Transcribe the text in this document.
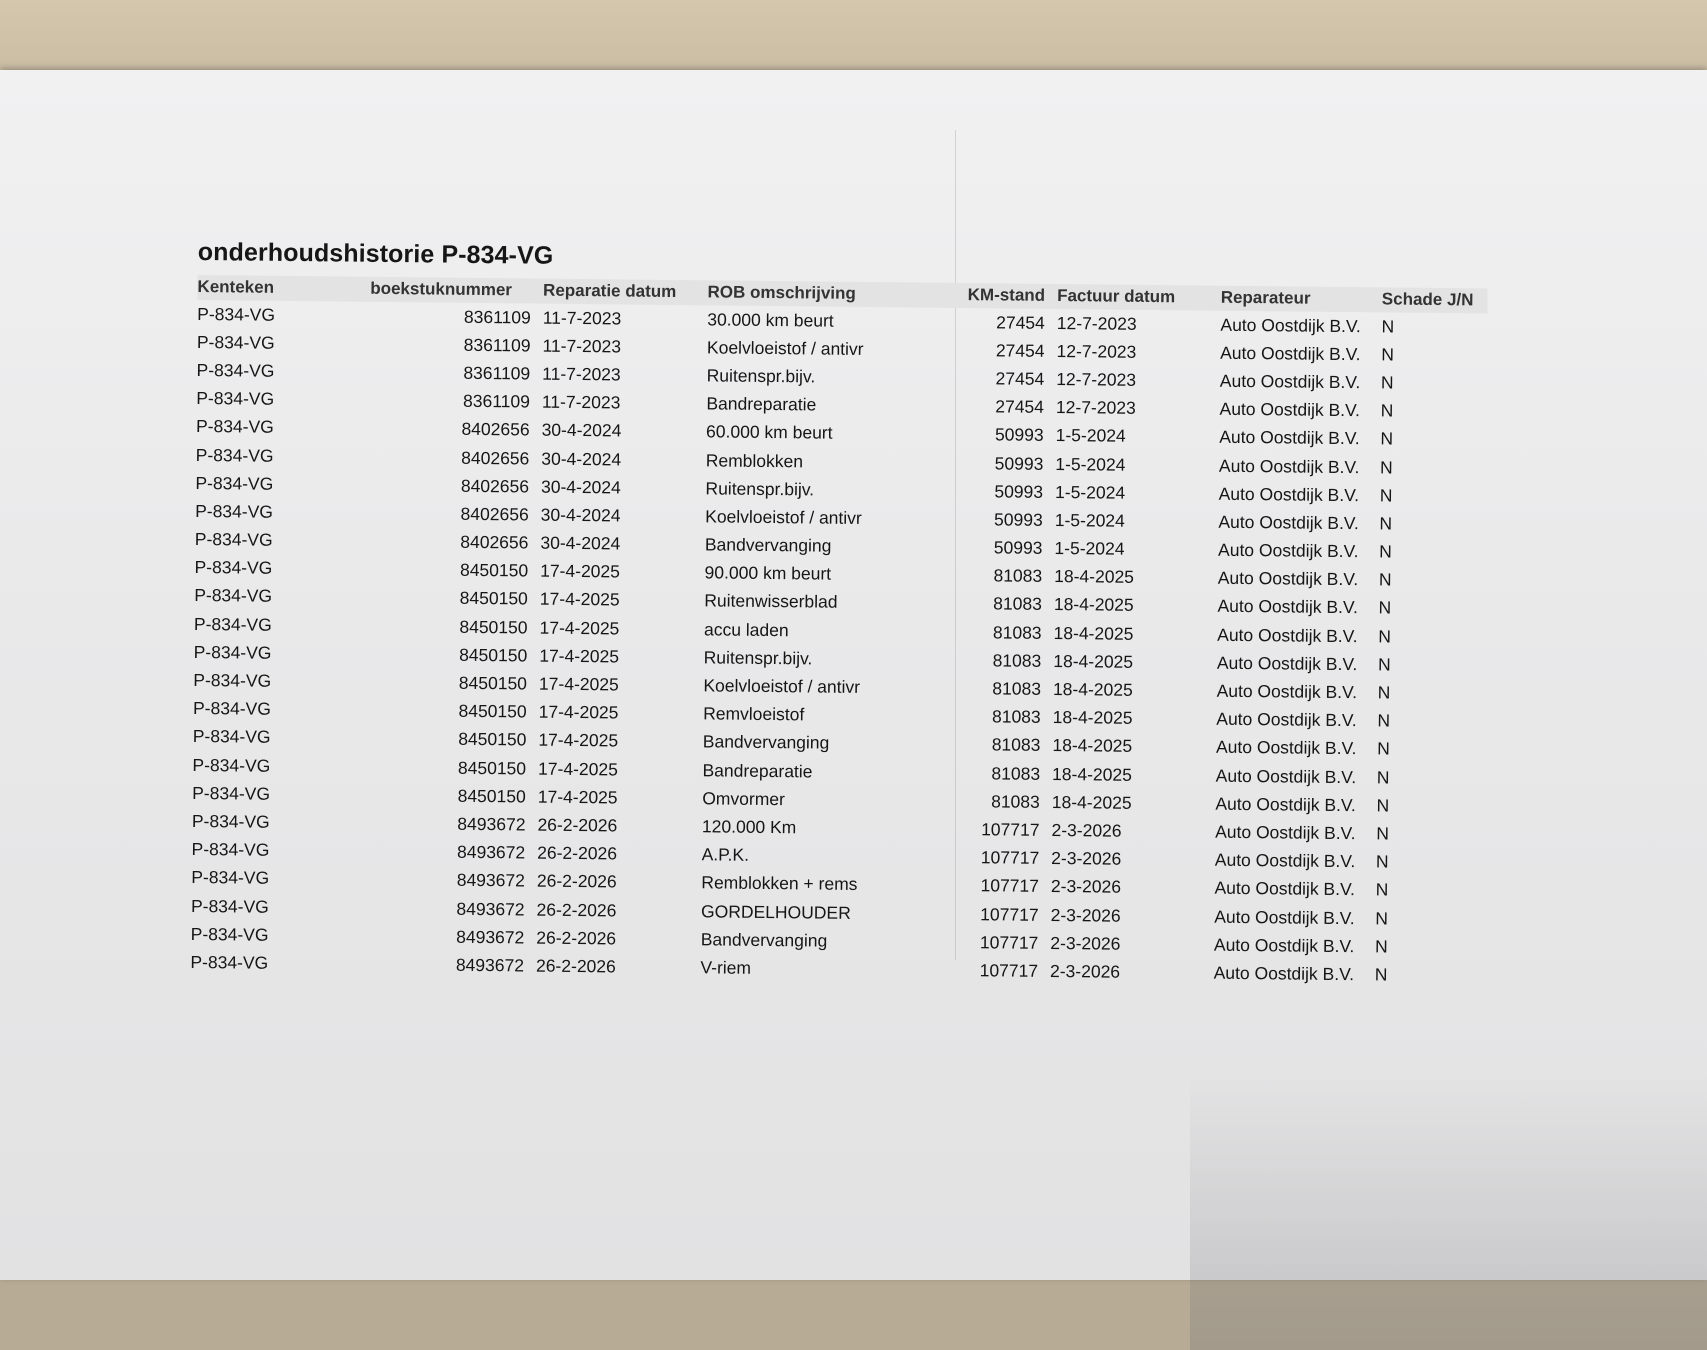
onderhoudshistorie P-834-VG
Kenteken	boekstuknummer	Reparatie datum	ROB omschrijving	KM-stand	Factuur datum	Reparateur	Schade J/N
P-834-VG	8361109	11-7-2023	30.000 km beurt	27454	12-7-2023	Auto Oostdijk B.V.	N
P-834-VG	8361109	11-7-2023	Koelvloeistof / antivr	27454	12-7-2023	Auto Oostdijk B.V.	N
P-834-VG	8361109	11-7-2023	Ruitenspr.bijv.	27454	12-7-2023	Auto Oostdijk B.V.	N
P-834-VG	8361109	11-7-2023	Bandreparatie	27454	12-7-2023	Auto Oostdijk B.V.	N
P-834-VG	8402656	30-4-2024	60.000 km beurt	50993	1-5-2024	Auto Oostdijk B.V.	N
P-834-VG	8402656	30-4-2024	Remblokken	50993	1-5-2024	Auto Oostdijk B.V.	N
P-834-VG	8402656	30-4-2024	Ruitenspr.bijv.	50993	1-5-2024	Auto Oostdijk B.V.	N
P-834-VG	8402656	30-4-2024	Koelvloeistof / antivr	50993	1-5-2024	Auto Oostdijk B.V.	N
P-834-VG	8402656	30-4-2024	Bandvervanging	50993	1-5-2024	Auto Oostdijk B.V.	N
P-834-VG	8450150	17-4-2025	90.000 km beurt	81083	18-4-2025	Auto Oostdijk B.V.	N
P-834-VG	8450150	17-4-2025	Ruitenwisserblad	81083	18-4-2025	Auto Oostdijk B.V.	N
P-834-VG	8450150	17-4-2025	accu laden	81083	18-4-2025	Auto Oostdijk B.V.	N
P-834-VG	8450150	17-4-2025	Ruitenspr.bijv.	81083	18-4-2025	Auto Oostdijk B.V.	N
P-834-VG	8450150	17-4-2025	Koelvloeistof / antivr	81083	18-4-2025	Auto Oostdijk B.V.	N
P-834-VG	8450150	17-4-2025	Remvloeistof	81083	18-4-2025	Auto Oostdijk B.V.	N
P-834-VG	8450150	17-4-2025	Bandvervanging	81083	18-4-2025	Auto Oostdijk B.V.	N
P-834-VG	8450150	17-4-2025	Bandreparatie	81083	18-4-2025	Auto Oostdijk B.V.	N
P-834-VG	8450150	17-4-2025	Omvormer	81083	18-4-2025	Auto Oostdijk B.V.	N
P-834-VG	8493672	26-2-2026	120.000 Km	107717	2-3-2026	Auto Oostdijk B.V.	N
P-834-VG	8493672	26-2-2026	A.P.K.	107717	2-3-2026	Auto Oostdijk B.V.	N
P-834-VG	8493672	26-2-2026	Remblokken + rems	107717	2-3-2026	Auto Oostdijk B.V.	N
P-834-VG	8493672	26-2-2026	GORDELHOUDER	107717	2-3-2026	Auto Oostdijk B.V.	N
P-834-VG	8493672	26-2-2026	Bandvervanging	107717	2-3-2026	Auto Oostdijk B.V.	N
P-834-VG	8493672	26-2-2026	V-riem	107717	2-3-2026	Auto Oostdijk B.V.	N
